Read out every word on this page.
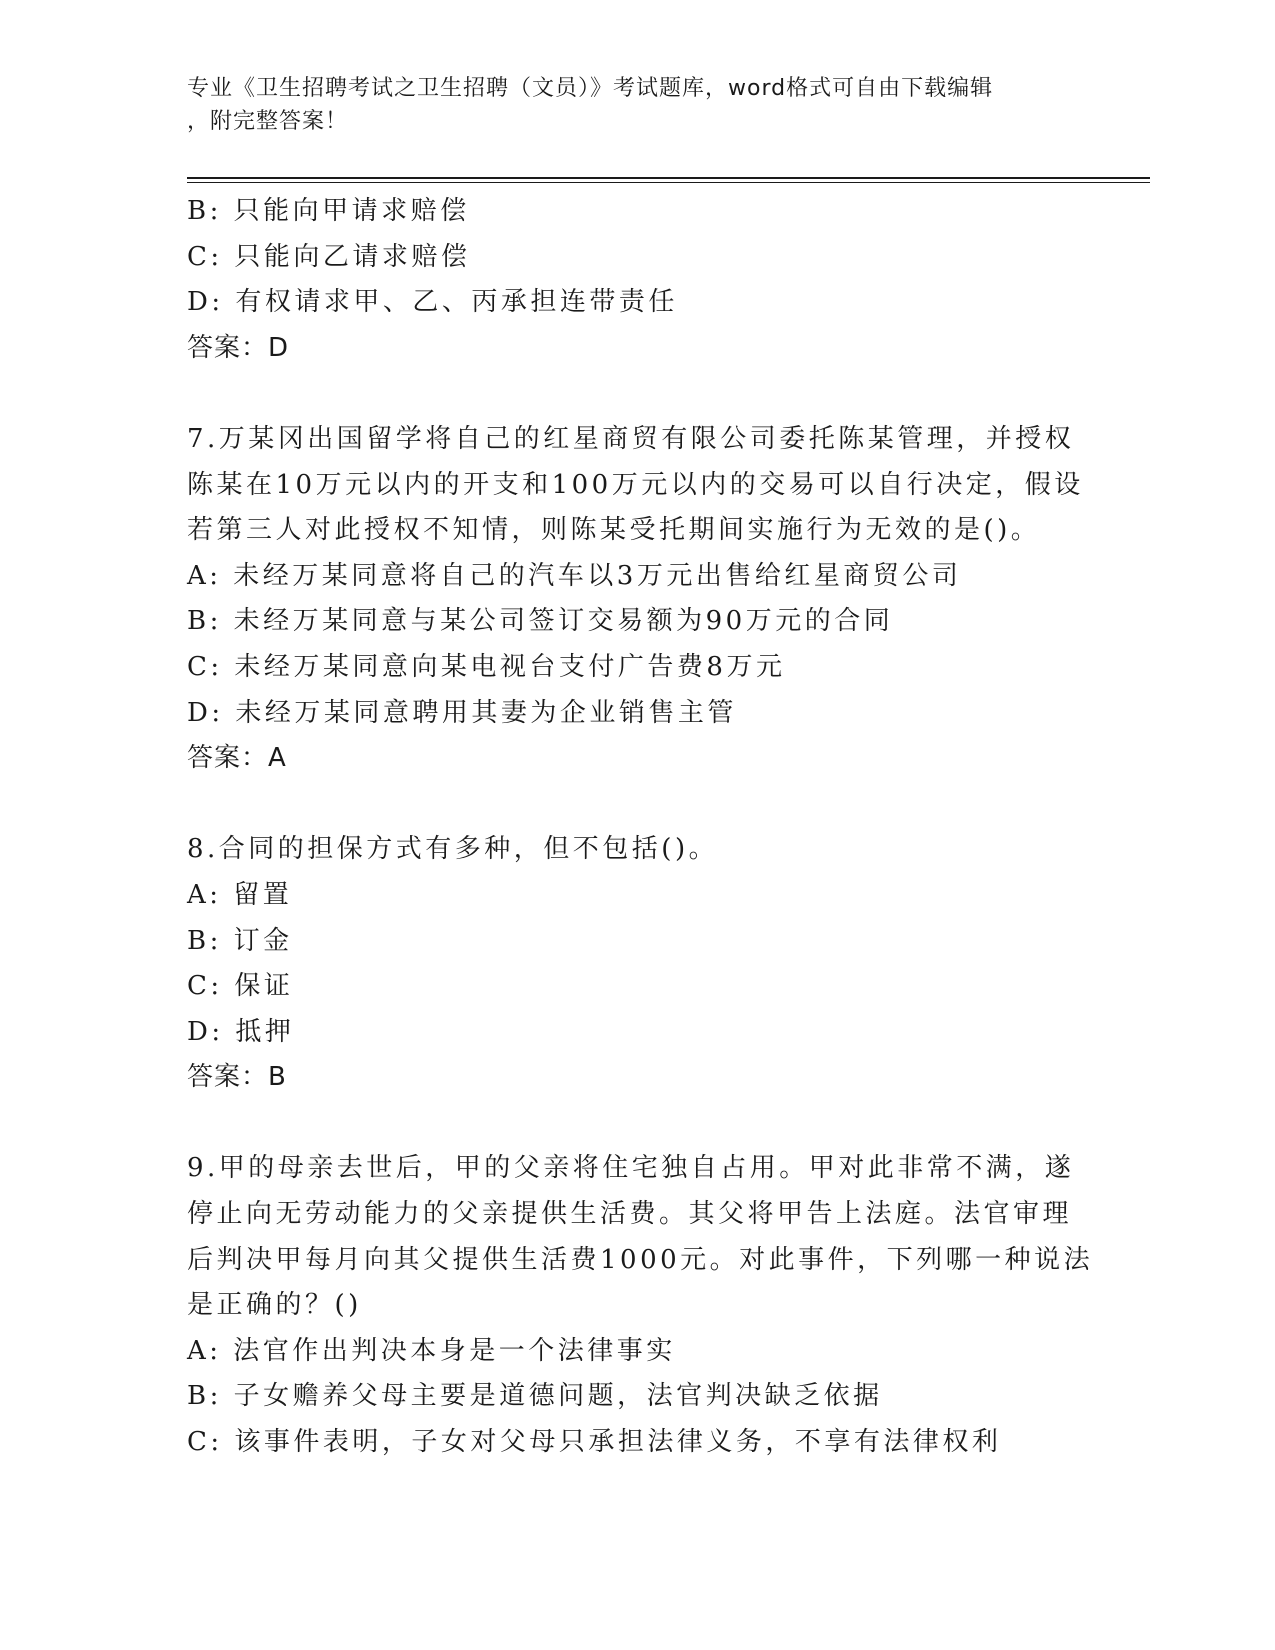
专业《卫生招聘考试之卫生招聘（文员）》考试题库，word格式可自由下载编辑
，附完整答案！
B: 只能向甲请求赔偿
C: 只能向乙请求赔偿
D: 有权请求甲、乙、丙承担连带责任
答案：D
7.万某冈出国留学将自己的红星商贸有限公司委托陈某管理，并授权
陈某在10万元以内的开支和100万元以内的交易可以自行决定，假设
若第三人对此授权不知情，则陈某受托期间实施行为无效的是()。
A: 未经万某同意将自己的汽车以3万元出售给红星商贸公司
B: 未经万某同意与某公司签订交易额为90万元的合同
C: 未经万某同意向某电视台支付广告费8万元
D: 未经万某同意聘用其妻为企业销售主管
答案：A
8.合同的担保方式有多种，但不包括()。
A: 留置
B: 订金
C: 保证
D: 抵押
答案：B
9.甲的母亲去世后，甲的父亲将住宅独自占用。甲对此非常不满，遂
停止向无劳动能力的父亲提供生活费。其父将甲告上法庭。法官审理
后判决甲每月向其父提供生活费1000元。对此事件，下列哪一种说法
是正确的？()
A: 法官作出判决本身是一个法律事实
B: 子女赡养父母主要是道德问题，法官判决缺乏依据
C: 该事件表明，子女对父母只承担法律义务，不享有法律权利
